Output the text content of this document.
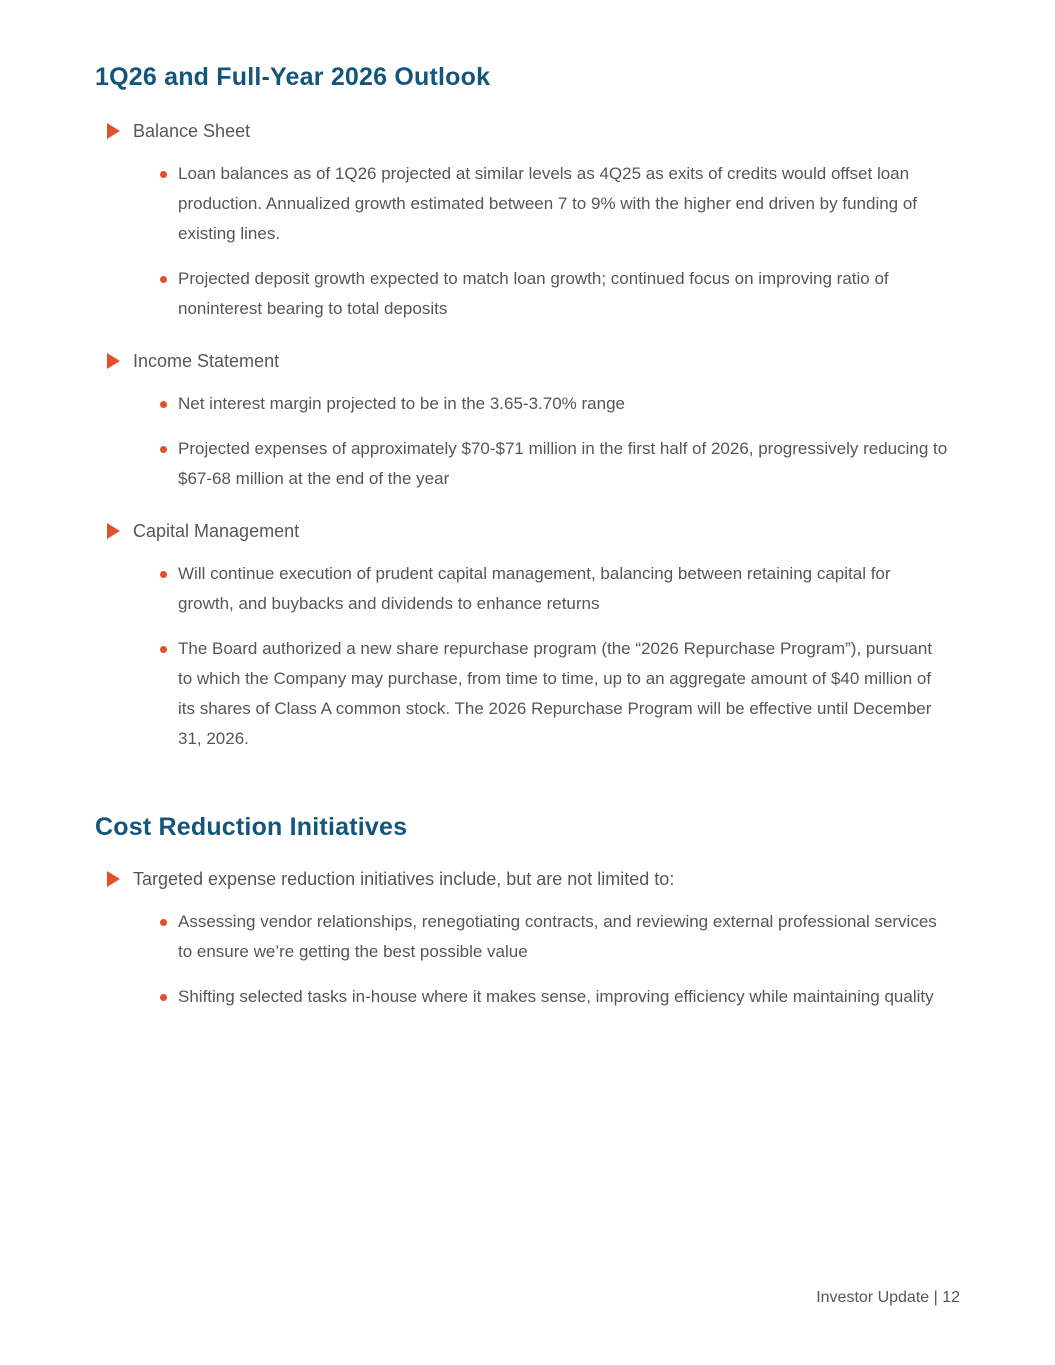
1Q26 and Full-Year 2026 Outlook
Balance Sheet
Loan balances as of 1Q26 projected at similar levels as 4Q25 as exits of credits would offset loan production. Annualized growth estimated between 7 to 9% with the higher end driven by funding of existing lines.
Projected deposit growth expected to match loan growth; continued focus on improving ratio of noninterest bearing to total deposits
Income Statement
Net interest margin projected to be in the 3.65-3.70% range
Projected expenses of approximately $70-$71 million in the first half of 2026, progressively reducing to $67-68 million at the end of the year
Capital Management
Will continue execution of prudent capital management, balancing between retaining capital for growth, and buybacks and dividends to enhance returns
The Board authorized a new share repurchase program (the “2026 Repurchase Program”), pursuant to which the Company may purchase, from time to time, up to an aggregate amount of $40 million of its shares of Class A common stock. The 2026 Repurchase Program will be effective until December 31, 2026.
Cost Reduction Initiatives
Targeted expense reduction initiatives include, but are not limited to:
Assessing vendor relationships, renegotiating contracts, and reviewing external professional services to ensure we’re getting the best possible value
Shifting selected tasks in-house where it makes sense, improving efficiency while maintaining quality
Investor Update | 12
